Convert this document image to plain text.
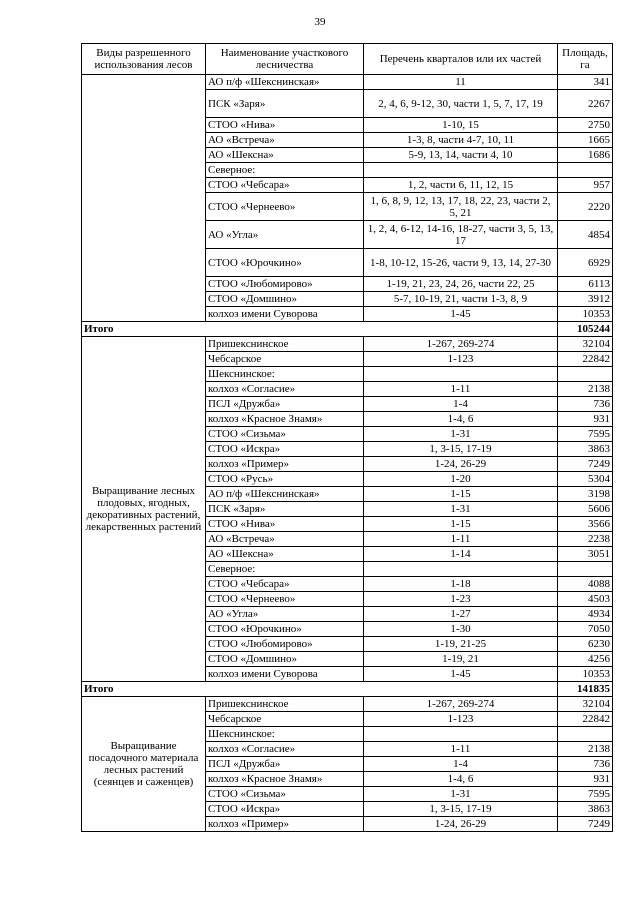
39
Виды разрешенного использования лесов	Наименование участкового лесничества	Перечень кварталов или их частей	Площадь, га
	АО п/ф «Шекснинская»	11	341
	ПСК «Заря»	2, 4, 6, 9-12, 30, части 1, 5, 7, 17, 19	2267
	СТОО «Нива»	1-10, 15	2750
	АО «Встреча»	1-3, 8, части 4-7, 10, 11	1665
	АО «Шексна»	5-9, 13, 14, части 4, 10	1686
	Северное:		
	СТОО «Чебсара»	1, 2, части 6, 11, 12, 15	957
	СТОО «Чернеево»	1, 6, 8, 9, 12, 13, 17, 18, 22, 23, части 2, 5, 21	2220
	АО «Угла»	1, 2, 4, 6-12, 14-16, 18-27, части 3, 5, 13, 17	4854
	СТОО «Юрочкино»	1-8, 10-12, 15-26, части 9, 13, 14, 27-30	6929
	СТОО «Любомирово»	1-19, 21, 23, 24, 26, части 22, 25	6113
	СТОО «Домшино»	5-7, 10-19, 21, части 1-3, 8, 9	3912
	колхоз имени Суворова	1-45	10353
Итого			105244
Выращивание лесных плодовых, ягодных, декоративных растений, лекарственных растений	Пришекснинское	1-267, 269-274	32104
	Чебсарское	1-123	22842
	Шекснинское:		
	колхоз «Согласие»	1-11	2138
	ПСЛ «Дружба»	1-4	736
	колхоз «Красное Знамя»	1-4, 6	931
	СТОО «Сизьма»	1-31	7595
	СТОО «Искра»	1, 3-15, 17-19	3863
	колхоз «Пример»	1-24, 26-29	7249
	СТОО «Русь»	1-20	5304
	АО п/ф «Шекснинская»	1-15	3198
	ПСК «Заря»	1-31	5606
	СТОО «Нива»	1-15	3566
	АО «Встреча»	1-11	2238
	АО «Шексна»	1-14	3051
	Северное:		
	СТОО «Чебсара»	1-18	4088
	СТОО «Чернеево»	1-23	4503
	АО «Угла»	1-27	4934
	СТОО «Юрочкино»	1-30	7050
	СТОО «Любомирово»	1-19, 21-25	6230
	СТОО «Домшино»	1-19, 21	4256
	колхоз имени Суворова	1-45	10353
Итого			141835
Выращивание посадочного материала лесных растений (сеянцев и саженцев)	Пришекснинское	1-267, 269-274	32104
	Чебсарское	1-123	22842
	Шекснинское:		
	колхоз «Согласие»	1-11	2138
	ПСЛ «Дружба»	1-4	736
	колхоз «Красное Знамя»	1-4, 6	931
	СТОО «Сизьма»	1-31	7595
	СТОО «Искра»	1, 3-15, 17-19	3863
	колхоз «Пример»	1-24, 26-29	7249
